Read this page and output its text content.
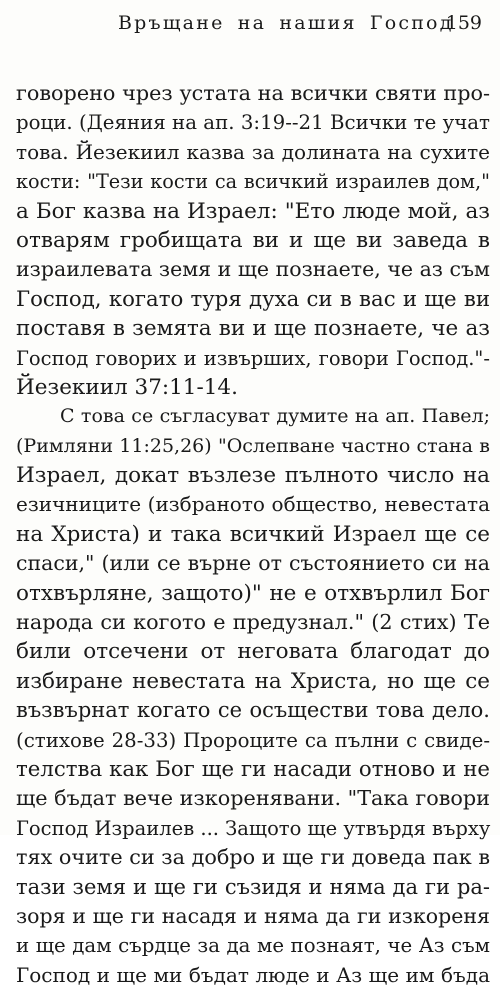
Връщане на нашия Господ
159
говорено чрез устата на всички святи про-
роци. (Деяния на ап. 3:19--21 Всички те учат
това. Йезекиил казва за долината на сухите
кости: "Тези кости са всичкий израилев дом,"
а Бог казва на Израел: "Ето люде мой, аз
отварям гробищата ви и ще ви заведа в
израилевата земя и ще познаете, че аз съм
Господ, когато туря духа си в вас и ще ви
поставя в земята ви и ще познаете, че аз
Господ говорих и извърших, говори Господ."-
Йезекиил 37:11-14.
С това се съгласуват думите на ап. Павел;
(Римляни 11:25,26) "Ослепване частно стана в
Израел, докат възлезе пълното число на
езичниците (избраното общество, невестата
на Христа) и така всичкий Израел ще се
спаси," (или се върне от състоянието си на
отхвърляне, защото)" не е отхвърлил Бог
народа си когото е предузнал." (2 стих) Те
били отсечени от неговата благодат до
избиране невестата на Христа, но ще се
възвърнат когато се осъществи това дело.
(стихове 28-33) Пророците са пълни с свиде-
телства как Бог ще ги насади отново и не
ще бъдат вече изкоренявани. "Така говори
Господ Израилев ... Защото ще утвърдя върху
тях очите си за добро и ще ги доведа пак в
тази земя и ще ги съзидя и няма да ги ра-
зоря и ще ги насадя и няма да ги изкореня
и ще дам сърдце за да ме познаят, че Аз съм
Господ и ще ми бъдат люде и Аз ще им бъда
